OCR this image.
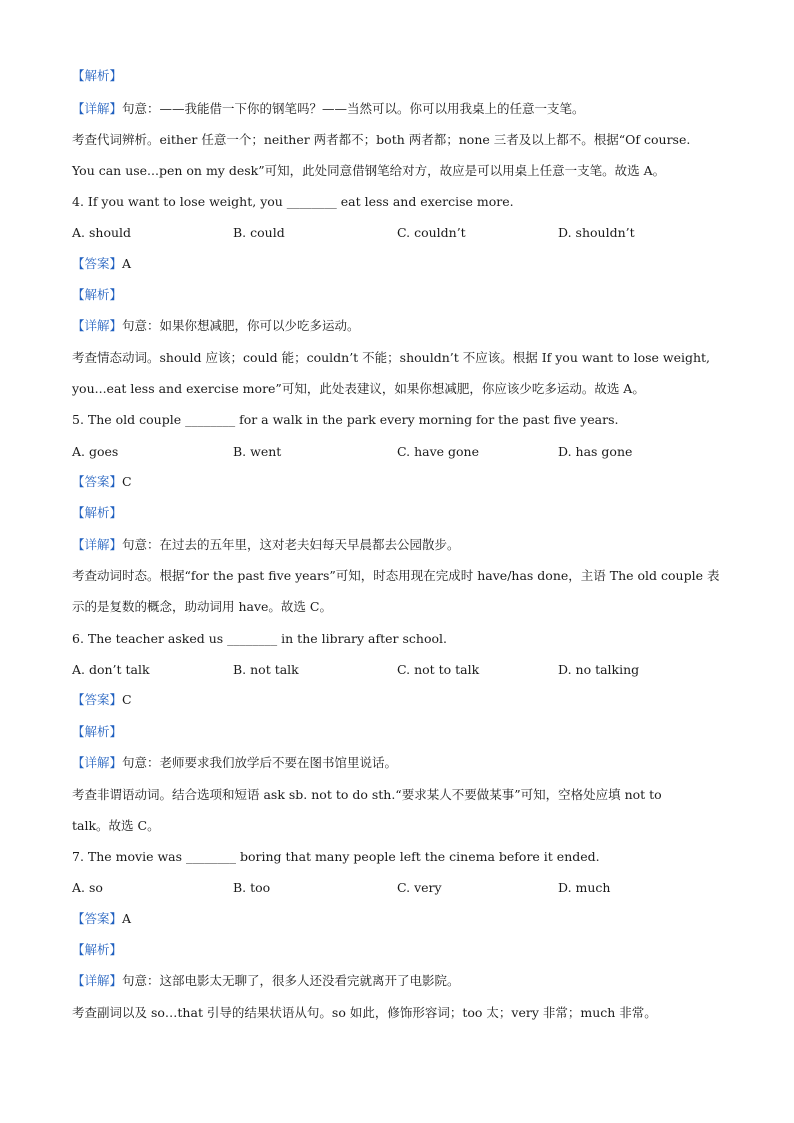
【解析】
【详解】句意：——我能借一下你的钢笔吗？——当然可以。你可以用我桌上的任意一支笔。
考查代词辨析。either 任意一个；neither 两者都不；both 两者都；none 三者及以上都不。根据“Of course.
You can use...pen on my desk”可知，此处同意借钢笔给对方，故应是可以用桌上任意一支笔。故选 A。
4. If you want to lose weight, you ________ eat less and exercise more.
A. should	B. could	C. couldn’t	D. shouldn’t
【答案】A
【解析】
【详解】句意：如果你想减肥，你可以少吃多运动。
考查情态动词。should 应该；could 能；couldn’t 不能；shouldn’t 不应该。根据 If you want to lose weight,
you...eat less and exercise more”可知，此处表建议，如果你想减肥，你应该少吃多运动。故选 A。
5. The old couple ________ for a walk in the park every morning for the past five years.
A. goes	B. went	C. have gone	D. has gone
【答案】C
【解析】
【详解】句意：在过去的五年里，这对老夫妇每天早晨都去公园散步。
考查动词时态。根据“for the past five years”可知，时态用现在完成时 have/has done，主语 The old couple 表
示的是复数的概念，助动词用 have。故选 C。
6. The teacher asked us ________ in the library after school.
A. don’t talk	B. not talk	C. not to talk	D. no talking
【答案】C
【解析】
【详解】句意：老师要求我们放学后不要在图书馆里说话。
考查非谓语动词。结合选项和短语 ask sb. not to do sth.“要求某人不要做某事”可知，空格处应填 not to
talk。故选 C。
7. The movie was ________ boring that many people left the cinema before it ended.
A. so	B. too	C. very	D. much
【答案】A
【解析】
【详解】句意：这部电影太无聊了，很多人还没看完就离开了电影院。
考查副词以及 so…that 引导的结果状语从句。so 如此，修饰形容词；too 太；very 非常；much 非常。
